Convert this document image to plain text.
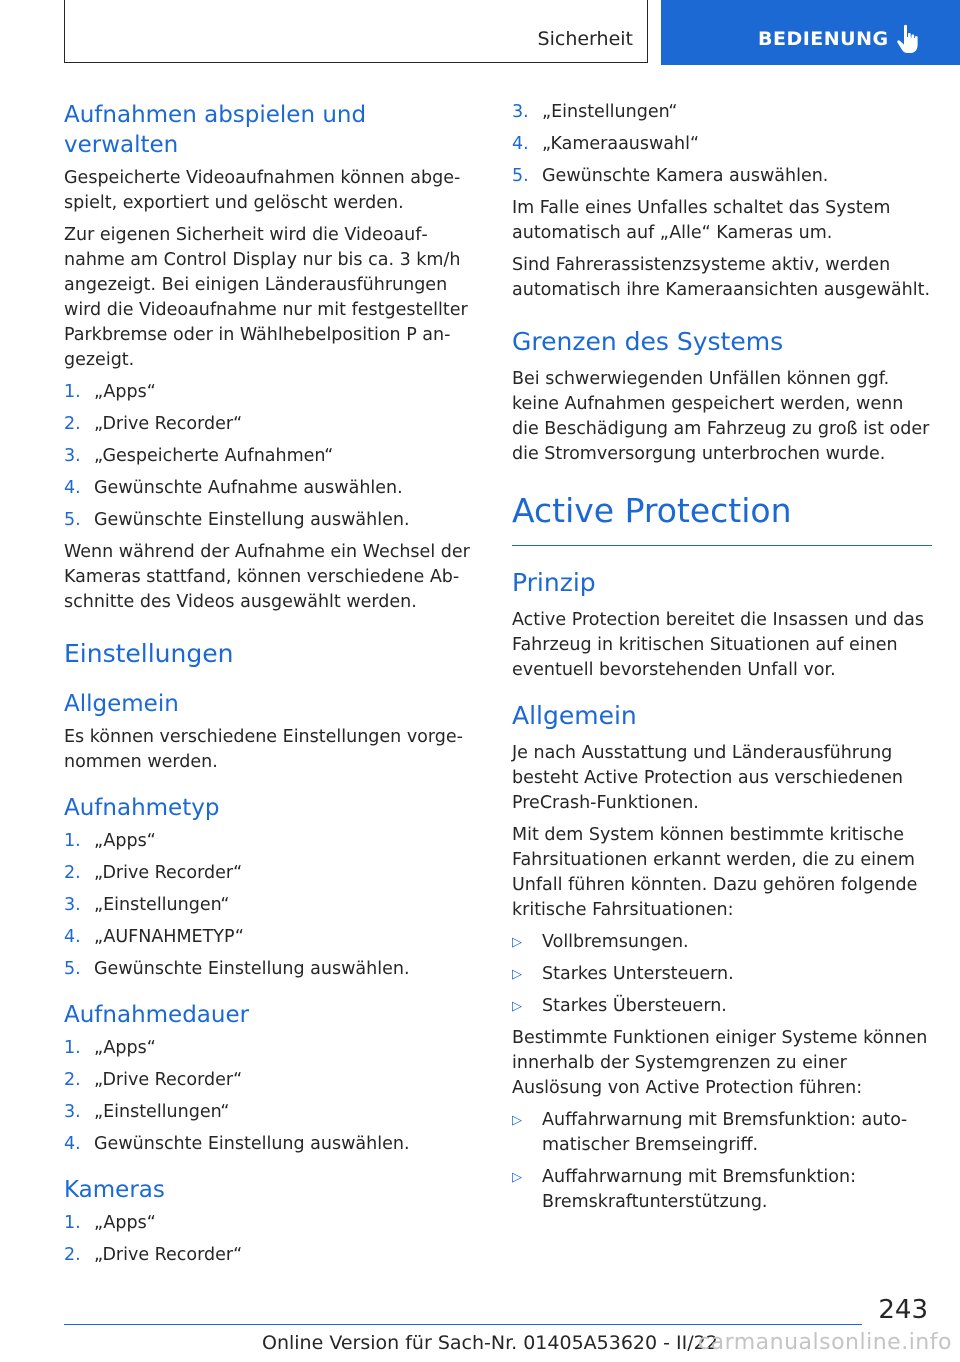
Sicherheit	BEDIENUNG
Aufnahmen abspielen und verwalten

Gespeicherte Videoaufnahmen können abgespielt, exportiert und gelöscht werden.

Zur eigenen Sicherheit wird die Videoaufnahme am Control Display nur bis ca. 3 km/h angezeigt. Bei einigen Länderausführungen wird die Videoaufnahme nur mit festgestellter Parkbremse oder in Wählhebelposition P angezeigt.

1. „Apps“
2. „Drive Recorder“
3. „Gespeicherte Aufnahmen“
4. Gewünschte Aufnahme auswählen.
5. Gewünschte Einstellung auswählen.

Wenn während der Aufnahme ein Wechsel der Kameras stattfand, können verschiedene Abschnitte des Videos ausgewählt werden.

Einstellungen
Allgemein

Es können verschiedene Einstellungen vorgenommen werden.

Aufnahmetyp
1. „Apps“
2. „Drive Recorder“
3. „Einstellungen“
4. „AUFNAHMETYP“
5. Gewünschte Einstellung auswählen.
Aufnahmedauer
1. „Apps“
2. „Drive Recorder“
3. „Einstellungen“
4. Gewünschte Einstellung auswählen.
Kameras
1. „Apps“
2. „Drive Recorder“
3. „Einstellungen“
4. „Kameraauswahl“
5. Gewünschte Kamera auswählen.

Im Falle eines Unfalles schaltet das System automatisch auf „Alle“ Kameras um.

Sind Fahrerassistenzsysteme aktiv, werden automatisch ihre Kameraansichten ausgewählt.

Grenzen des Systems

Bei schwerwiegenden Unfällen können ggf. keine Aufnahmen gespeichert werden, wenn die Beschädigung am Fahrzeug zu groß ist oder die Stromversorgung unterbrochen wurde.

Active Protection
Prinzip

Active Protection bereitet die Insassen und das Fahrzeug in kritischen Situationen auf einen eventuell bevorstehenden Unfall vor.

Allgemein

Je nach Ausstattung und Länderausführung besteht Active Protection aus verschiedenen PreCrash-Funktionen.

Mit dem System können bestimmte kritische Fahrsituationen erkannt werden, die zu einem Unfall führen könnten. Dazu gehören folgende kritische Fahrsituationen:

▷	Vollbremsungen.
▷	Starkes Untersteuern.
▷	Starkes Übersteuern.

Bestimmte Funktionen einiger Systeme können innerhalb der Systemgrenzen zu einer Auslösung von Active Protection führen:

▷	Auffahrwarnung mit Bremsfunktion: automatischer Bremseingriff.
▷	Auffahrwarnung mit Bremsfunktion: Bremskraftunterstützung.
243
Online Version für Sach-Nr. 01405A53620 - II/22
carmanualsonline.info
